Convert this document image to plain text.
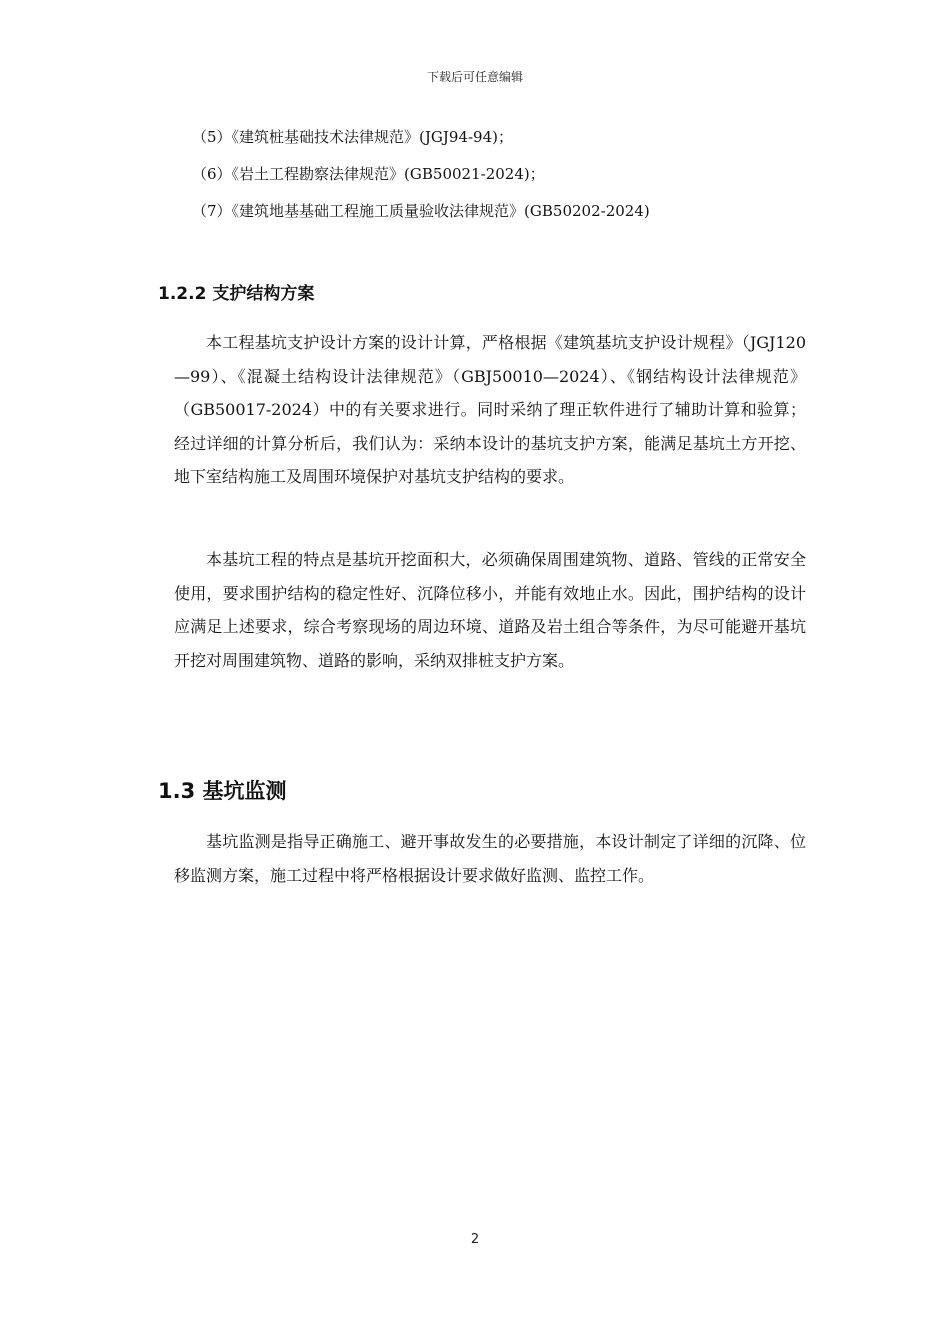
下载后可任意编辑
（5）《建筑桩基础技术法律规范》(JGJ94-94)；
（6）《岩土工程勘察法律规范》(GB50021-2024)；
（7）《建筑地基基础工程施工质量验收法律规范》(GB50202-2024)
1.2.2 支护结构方案

本工程基坑支护设计方案的设计计算，严格根据《建筑基坑支护设计规程》（JGJ120—99）、《混凝土结构设计法律规范》（GBJ50010—2024）、《钢结构设计法律规范》（GB50017-2024）中的有关要求进行。同时采纳了理正软件进行了辅助计算和验算；经过详细的计算分析后，我们认为：采纳本设计的基坑支护方案，能满足基坑土方开挖、地下室结构施工及周围环境保护对基坑支护结构的要求。

本基坑工程的特点是基坑开挖面积大，必须确保周围建筑物、道路、管线的正常安全使用，要求围护结构的稳定性好、沉降位移小，并能有效地止水。因此，围护结构的设计应满足上述要求，综合考察现场的周边环境、道路及岩土组合等条件，为尽可能避开基坑开挖对周围建筑物、道路的影响，采纳双排桩支护方案。

1.3 基坑监测

基坑监测是指导正确施工、避开事故发生的必要措施，本设计制定了详细的沉降、位移监测方案，施工过程中将严格根据设计要求做好监测、监控工作。

2
